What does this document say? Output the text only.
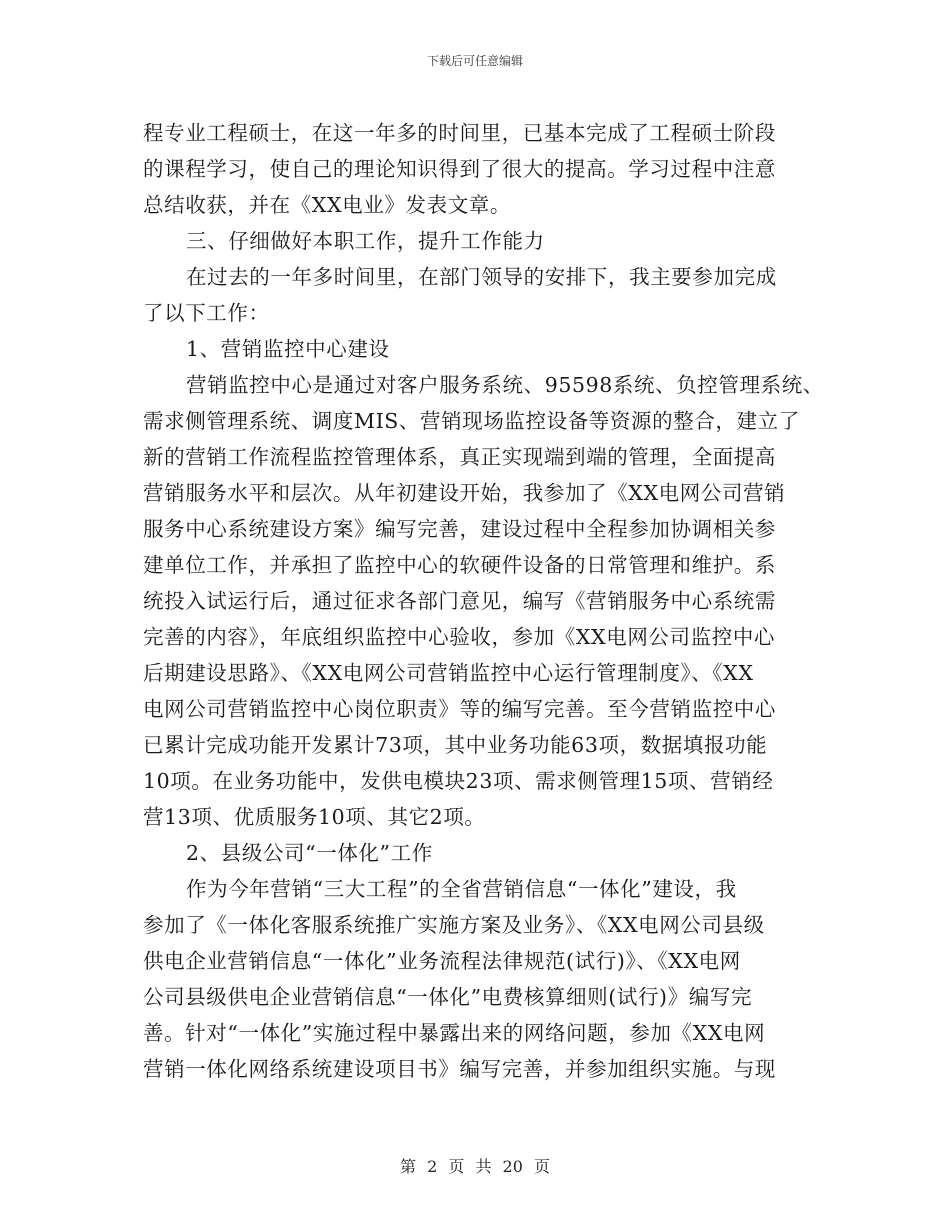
下载后可任意编辑
程专业工程硕士，在这一年多的时间里，已基本完成了工程硕士阶段
的课程学习，使自己的理论知识得到了很大的提高。学习过程中注意
总结收获，并在《XX电业》发表文章。
三、仔细做好本职工作，提升工作能力
在过去的一年多时间里，在部门领导的安排下，我主要参加完成
了以下工作：
1、营销监控中心建设
营销监控中心是通过对客户服务系统、95598系统、负控管理系统、
需求侧管理系统、调度MIS、营销现场监控设备等资源的整合，建立了
新的营销工作流程监控管理体系，真正实现端到端的管理，全面提高
营销服务水平和层次。从年初建设开始，我参加了《XX电网公司营销
服务中心系统建设方案》编写完善，建设过程中全程参加协调相关参
建单位工作，并承担了监控中心的软硬件设备的日常管理和维护。系
统投入试运行后，通过征求各部门意见，编写《营销服务中心系统需
完善的内容》，年底组织监控中心验收，参加《XX电网公司监控中心
后期建设思路》、《XX电网公司营销监控中心运行管理制度》、《XX
电网公司营销监控中心岗位职责》等的编写完善。至今营销监控中心
已累计完成功能开发累计73项，其中业务功能63项，数据填报功能
10项。在业务功能中，发供电模块23项、需求侧管理15项、营销经
营13项、优质服务10项、其它2项。
2、县级公司“一体化”工作
作为今年营销“三大工程”的全省营销信息“一体化”建设，我
参加了《一体化客服系统推广实施方案及业务》、《XX电网公司县级
供电企业营销信息“一体化”业务流程法律规范(试行)》、《XX电网
公司县级供电企业营销信息“一体化”电费核算细则(试行)》编写完
善。针对“一体化”实施过程中暴露出来的网络问题，参加《XX电网
营销一体化网络系统建设项目书》编写完善，并参加组织实施。与现
第 2 页 共 20 页
